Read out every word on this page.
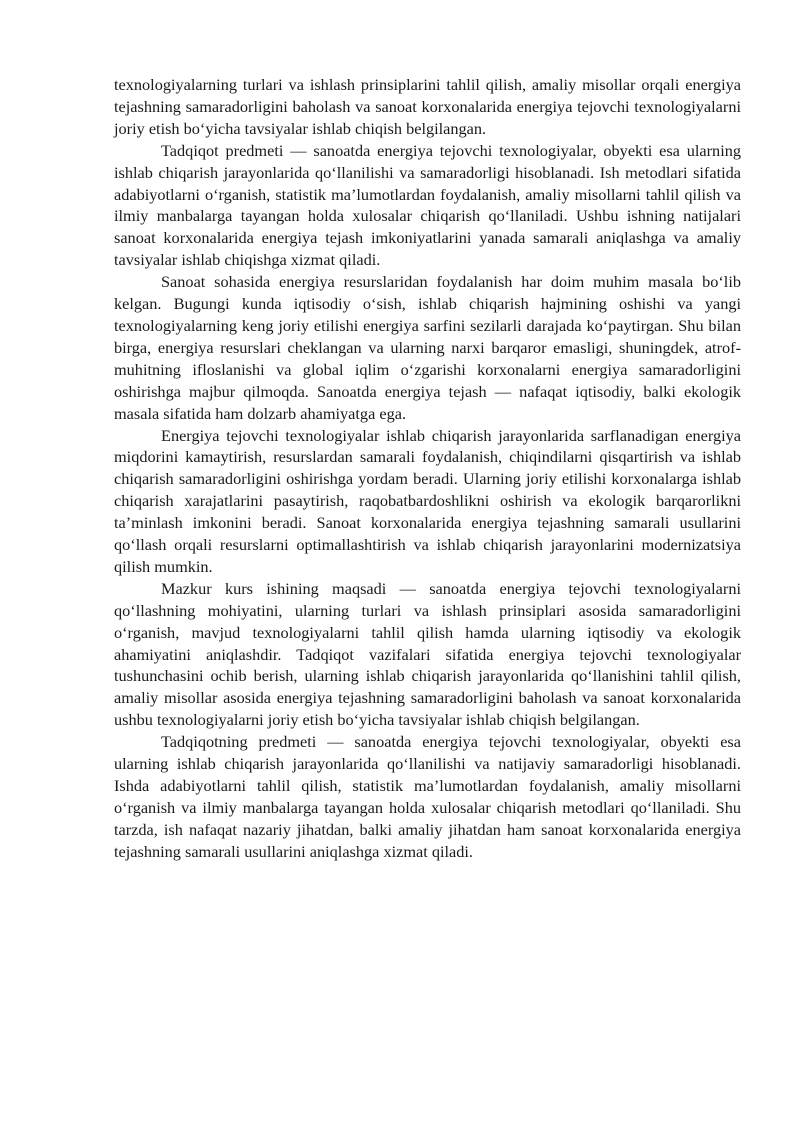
texnologiyalarning turlari va ishlash prinsiplarini tahlil qilish, amaliy misollar orqali energiya tejashning samaradorligini baholash va sanoat korxonalarida energiya tejovchi texnologiyalarni joriy etish bo‘yicha tavsiyalar ishlab chiqish belgilangan.

Tadqiqot predmeti — sanoatda energiya tejovchi texnologiyalar, obyekti esa ularning ishlab chiqarish jarayonlarida qo‘llanilishi va samaradorligi hisoblanadi. Ish metodlari sifatida adabiyotlarni o‘rganish, statistik ma’lumotlardan foydalanish, amaliy misollarni tahlil qilish va ilmiy manbalarga tayangan holda xulosalar chiqarish qo‘llaniladi. Ushbu ishning natijalari sanoat korxonalarida energiya tejash imkoniyatlarini yanada samarali aniqlashga va amaliy tavsiyalar ishlab chiqishga xizmat qiladi.

Sanoat sohasida energiya resurslaridan foydalanish har doim muhim masala bo‘lib kelgan. Bugungi kunda iqtisodiy o‘sish, ishlab chiqarish hajmining oshishi va yangi texnologiyalarning keng joriy etilishi energiya sarfini sezilarli darajada ko‘paytirgan. Shu bilan birga, energiya resurslari cheklangan va ularning narxi barqaror emasligi, shuningdek, atrof-muhitning ifloslanishi va global iqlim o‘zgarishi korxonalarni energiya samaradorligini oshirishga majbur qilmoqda. Sanoatda energiya tejash — nafaqat iqtisodiy, balki ekologik masala sifatida ham dolzarb ahamiyatga ega.

Energiya tejovchi texnologiyalar ishlab chiqarish jarayonlarida sarflanadigan energiya miqdorini kamaytirish, resurslardan samarali foydalanish, chiqindilarni qisqartirish va ishlab chiqarish samaradorligini oshirishga yordam beradi. Ularning joriy etilishi korxonalarga ishlab chiqarish xarajatlarini pasaytirish, raqobatbardoshlikni oshirish va ekologik barqarorlikni ta’minlash imkonini beradi. Sanoat korxonalarida energiya tejashning samarali usullarini qo‘llash orqali resurslarni optimallashtirish va ishlab chiqarish jarayonlarini modernizatsiya qilish mumkin.

Mazkur kurs ishining maqsadi — sanoatda energiya tejovchi texnologiyalarni qo‘llashning mohiyatini, ularning turlari va ishlash prinsiplari asosida samaradorligini o‘rganish, mavjud texnologiyalarni tahlil qilish hamda ularning iqtisodiy va ekologik ahamiyatini aniqlashdir. Tadqiqot vazifalari sifatida energiya tejovchi texnologiyalar tushunchasini ochib berish, ularning ishlab chiqarish jarayonlarida qo‘llanishini tahlil qilish, amaliy misollar asosida energiya tejashning samaradorligini baholash va sanoat korxonalarida ushbu texnologiyalarni joriy etish bo‘yicha tavsiyalar ishlab chiqish belgilangan.

Tadqiqotning predmeti — sanoatda energiya tejovchi texnologiyalar, obyekti esa ularning ishlab chiqarish jarayonlarida qo‘llanilishi va natijaviy samaradorligi hisoblanadi. Ishda adabiyotlarni tahlil qilish, statistik ma’lumotlardan foydalanish, amaliy misollarni o‘rganish va ilmiy manbalarga tayangan holda xulosalar chiqarish metodlari qo‘llaniladi. Shu tarzda, ish nafaqat nazariy jihatdan, balki amaliy jihatdan ham sanoat korxonalarida energiya tejashning samarali usullarini aniqlashga xizmat qiladi.
